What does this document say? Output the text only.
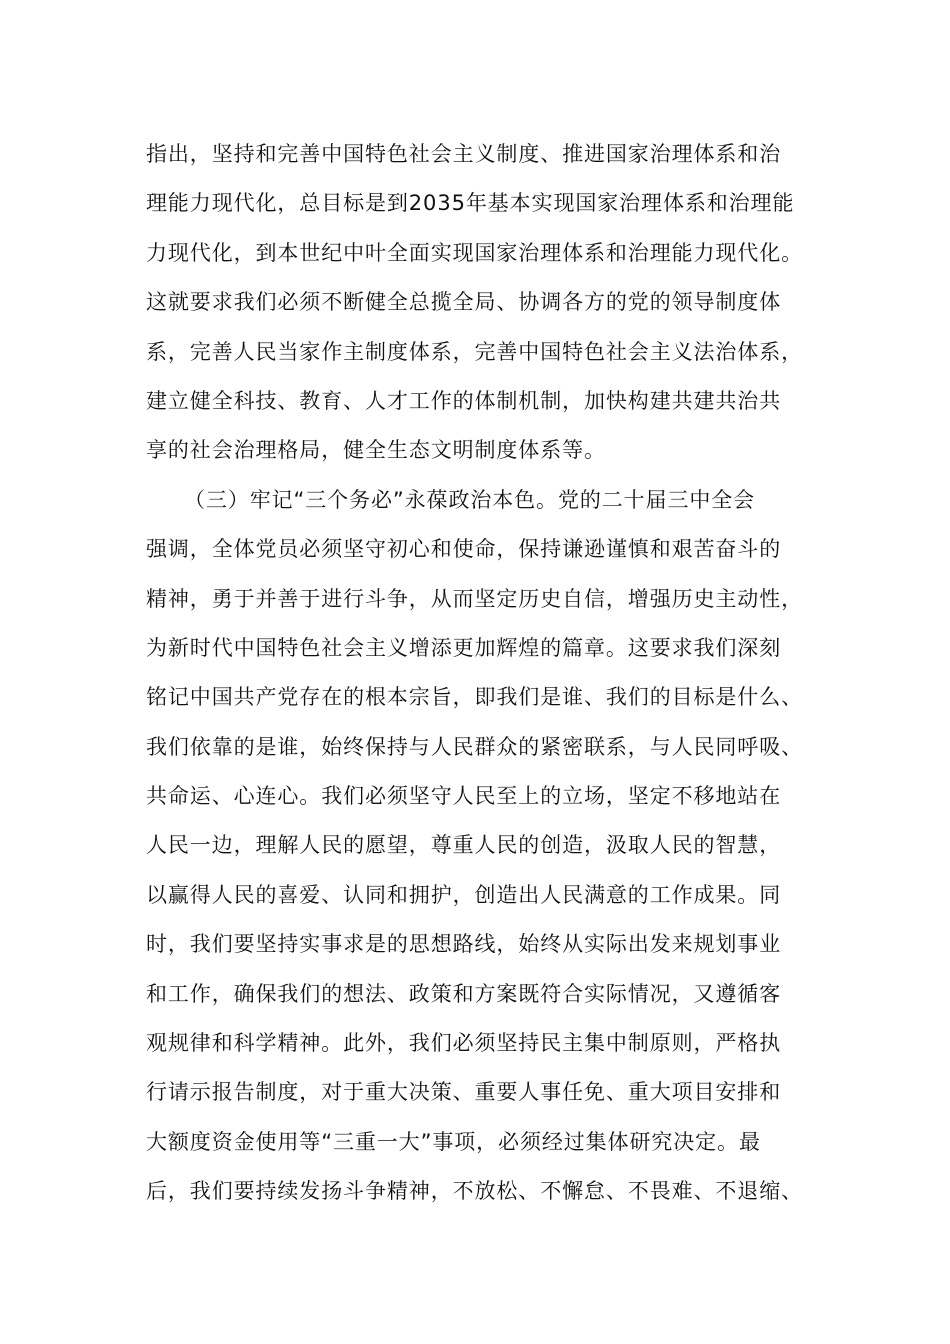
指出，坚持和完善中国特色社会主义制度、推进国家治理体系和治
理能力现代化，总目标是到2035年基本实现国家治理体系和治理能
力现代化，到本世纪中叶全面实现国家治理体系和治理能力现代化。
这就要求我们必须不断健全总揽全局、协调各方的党的领导制度体
系，完善人民当家作主制度体系，完善中国特色社会主义法治体系，
建立健全科技、教育、人才工作的体制机制，加快构建共建共治共
享的社会治理格局，健全生态文明制度体系等。
（三）牢记“三个务必”永葆政治本色。党的二十届三中全会
强调，全体党员必须坚守初心和使命，保持谦逊谨慎和艰苦奋斗的
精神，勇于并善于进行斗争，从而坚定历史自信，增强历史主动性，
为新时代中国特色社会主义增添更加辉煌的篇章。这要求我们深刻
铭记中国共产党存在的根本宗旨，即我们是谁、我们的目标是什么、
我们依靠的是谁，始终保持与人民群众的紧密联系，与人民同呼吸、
共命运、心连心。我们必须坚守人民至上的立场，坚定不移地站在
人民一边，理解人民的愿望，尊重人民的创造，汲取人民的智慧，
以赢得人民的喜爱、认同和拥护，创造出人民满意的工作成果。同
时，我们要坚持实事求是的思想路线，始终从实际出发来规划事业
和工作，确保我们的想法、政策和方案既符合实际情况，又遵循客
观规律和科学精神。此外，我们必须坚持民主集中制原则，严格执
行请示报告制度，对于重大决策、重要人事任免、重大项目安排和
大额度资金使用等“三重一大”事项，必须经过集体研究决定。最
后，我们要持续发扬斗争精神，不放松、不懈怠、不畏难、不退缩、
